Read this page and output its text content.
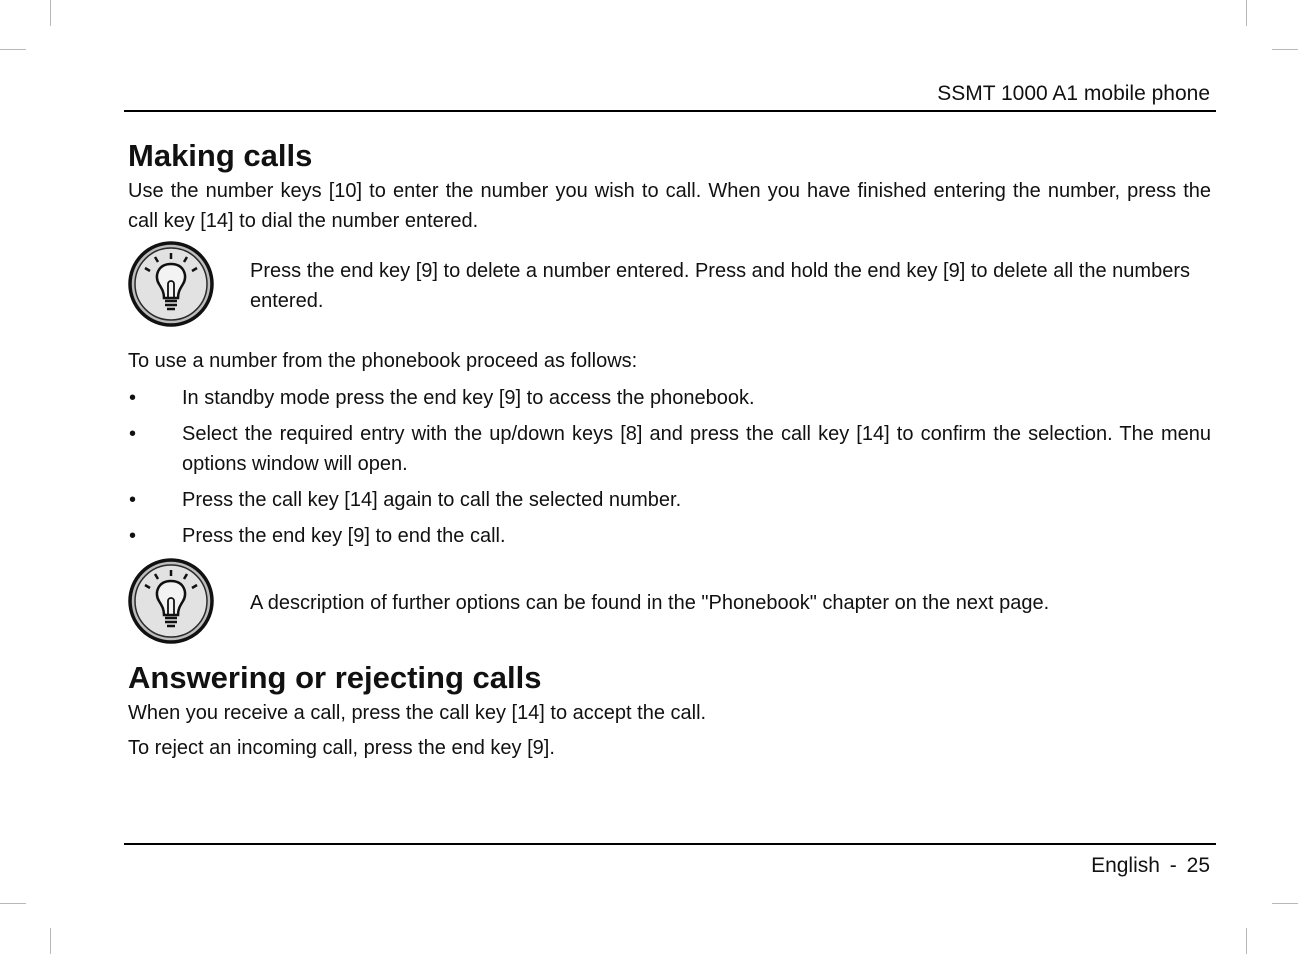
SSMT 1000 A1 mobile phone
Making calls

Use the number keys [10] to enter the number you wish to call. When you have finished entering the number, press the call key [14] to dial the number entered.

Press the end key [9] to delete a number entered. Press and hold the end key [9] to delete all the numbers entered.

To use a number from the phonebook proceed as follows:

• In standby mode press the end key [9] to access the phonebook.
• Select the required entry with the up/down keys [8] and press the call key [14] to confirm the selection. The menu options window will open.
• Press the call key [14] again to call the selected number.
• Press the end key [9] to end the call.

A description of further options can be found in the "Phonebook" chapter on the next page.

Answering or rejecting calls

When you receive a call, press the call key [14] to accept the call.

To reject an incoming call, press the end key [9].

English - 25
